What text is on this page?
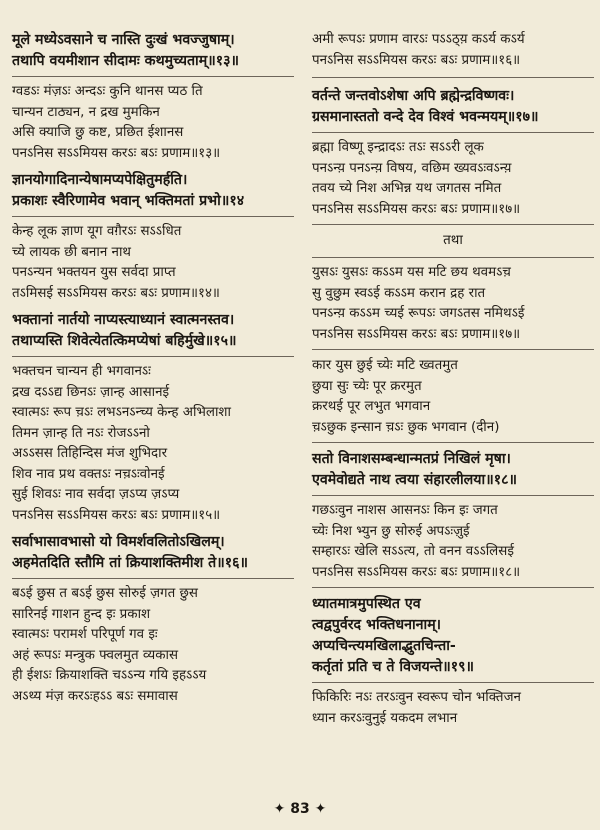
मूले मध्येऽवसाने च नास्ति दुःखं भवज्जुषाम्।
तथापि वयमीशान सीदामः कथमुच्यताम्॥१३॥
ग्वडऽः मंज़ऽः अन्दऽः कुनि थानस प्यठ ति
चान्यन टाठ्यन, न द्रख मुमकिन
असि क्याजि छु कष्ट, प्रछित ईशानस
पनऽनिस सऽऽमियस करऽः बऽः प्रणाम॥१३॥
ज्ञानयोगादिनान्येषामप्यपेक्षितुमर्हति।
प्रकाशः स्वैरिणामेव भवान् भक्तिमतां प्रभो॥१४
केन्ह लूक ज्ञाण यूग वग़ैरऽः सऽऽधित
च्ये लायक छी बनान नाथ
पनऽन्यन भक्तयन युस सर्वदा प्राप्त
तऽमिसई सऽऽमियस करऽः बऽः प्रणाम॥१४॥
भक्तानां नार्तयो नाप्यस्त्याध्यानं स्वात्मनस्तव।
तथाप्यस्ति शिवेत्येतत्किमप्येषां बहिर्मुखे॥१५॥
भक्तचन चान्यन ही भगवानऽः
द्रख दऽऽद्य छिनऽः ज़ान्ह आसानई
स्वात्मऽः रूप च़ऽः लभऽनऽन्च्य केन्ह अभिलाशा
तिमन ज़ान्ह ति नऽः रोजऽऽनो
अऽऽसस तिहिन्दिस मंज शुभिदार
शिव नाव प्रथ वक्तऽः नच़ऽःवोनई
सुई शिवऽः नाव सर्वदा ज़ऽप्य ज़ऽप्य
पनऽनिस सऽऽमियस करऽः बऽः प्रणाम॥१५॥
सर्वाभासावभासो यो विमर्शवलितोऽखिलम्।
अहमेतदिति स्तौमि तां क्रियाशक्तिमीश ते॥१६॥
बऽई छुस त बऽई छुस सोरुई ज़गत छुस
सारिनई गाशन हुन्द इः प्रकाश
स्वात्मऽः परामर्श परिपूर्ण गव इः
अहं रूपऽः मन्त्रुक फ्वलमुत व्यकास
ही ईशऽः क्रियाशक्ति चऽऽन्य गयि इहऽऽय
अऽथ्य मंज़ करऽःहऽऽ बऽः समावास
अमी रूपऽः प्रणाम वारऽः पऽऽठ्य़ कऽर्य कऽर्य
पनऽनिस सऽऽमियस करऽः बऽः प्रणाम॥१६॥
वर्तन्ते जन्तवोऽशेषा अपि ब्रह्मेन्द्रविष्णवः।
ग्रसमानास्ततो वन्दे देव विश्वं भवन्मयम्॥१७॥
ब्रह्मा विष्णू इन्द्रादऽः तऽः सऽऽरी लूक
पनऽन्य़ पनऽन्य़ विषय, वछिम ख्यवऽःवऽन्य़
तवय च्ये निश अभिन्न यथ जगतस नमित
पनऽनिस सऽऽमियस करऽः बऽः प्रणाम॥१७॥
तथा
युसऽः युसऽः कऽऽम यस मटि छय थवमऽच़
सु वुछुम स्वऽई कऽऽम करान द्रह रात
पनऽन्य़ कऽऽम च्यई रूपऽः जगऽतस नमिथऽई
पनऽनिस सऽऽमियस करऽः बऽः प्रणाम॥१७॥
कार युस छुई च्येः मटि ख्वतमुत
छुया सुः च्येः पूर क्ररमुत
क्ररथई पूर लभुत भगवान
च़ऽछुक इन्सान च़ऽः छुक भगवान (दीन)
सतो विनाशसम्बन्धान्मतप्रं निखिलं मृषा।
एवमेवोद्यते नाथ त्वया संहारलीलया॥१८॥
गछऽःवुन नाशस आसनऽः किन इः जगत
च्येः निश भ्युन छु सोरुई अपऽःज़ुई
सम्हारऽः खेलि सऽऽत्य, तो वनन वऽऽलिसई
पनऽनिस सऽऽमियस करऽः बऽः प्रणाम॥१८॥
ध्यातमात्रमुपस्थित एव
त्वद्वपुर्वरद भक्तिधनानाम्।
अप्यचिन्त्यमखिलाद्भुतचिन्ता-
कर्तृतां प्रति च ते विजयन्ते॥१९॥
फिकिरिः नऽः तरऽःवुन स्वरूप चोन भक्तिजन
ध्यान करऽःवुनुई यकदम लभान
✦ 83 ✦
